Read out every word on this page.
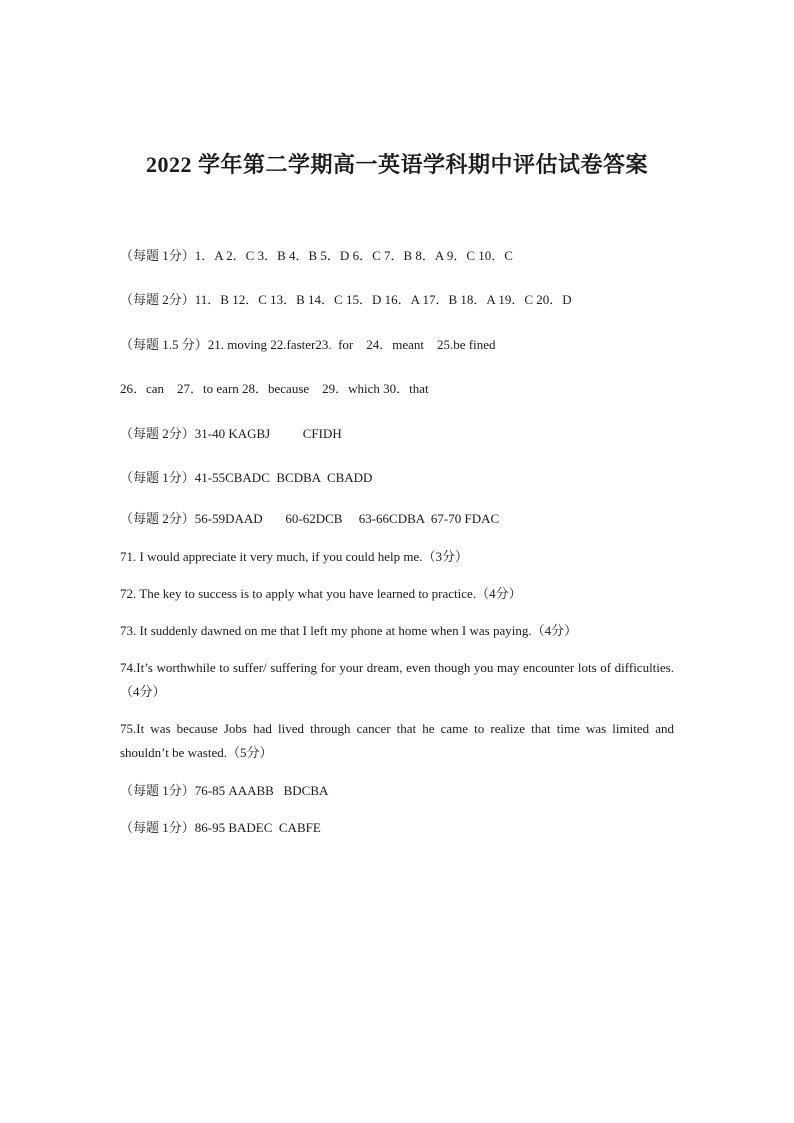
2022 学年第二学期高一英语学科期中评估试卷答案
（每题 1分）1．A 2．C 3．B 4．B 5．D 6．C 7．B 8．A 9．C 10．C
（每题 2分）11．B 12．C 13．B 14．C 15．D 16．A 17．B 18．A 19．C 20．D
（每题 1.5 分）21. moving 22.faster23.  for    24．meant    25.be fined
26．can    27．to earn 28．because    29．which 30．that
（每题 2分）31-40 KAGBJ          CFIDH
（每题 1分）41-55CBADC  BCDBA  CBADD
（每题 2分）56-59DAAD       60-62DCB     63-66CDBA  67-70 FDAC
71. I would appreciate it very much, if you could help me.（3分）
72. The key to success is to apply what you have learned to practice.（4分）
73. It suddenly dawned on me that I left my phone at home when I was paying.（4分）
74.It’s worthwhile to suffer/ suffering for your dream, even though you may encounter lots of difficulties. （4分）
75.It was because Jobs had lived through cancer that he came to realize that time was limited and shouldn’t be wasted.（5分）
（每题 1分）76-85 AAABB   BDCBA
（每题 1分）86-95 BADEC  CABFE
